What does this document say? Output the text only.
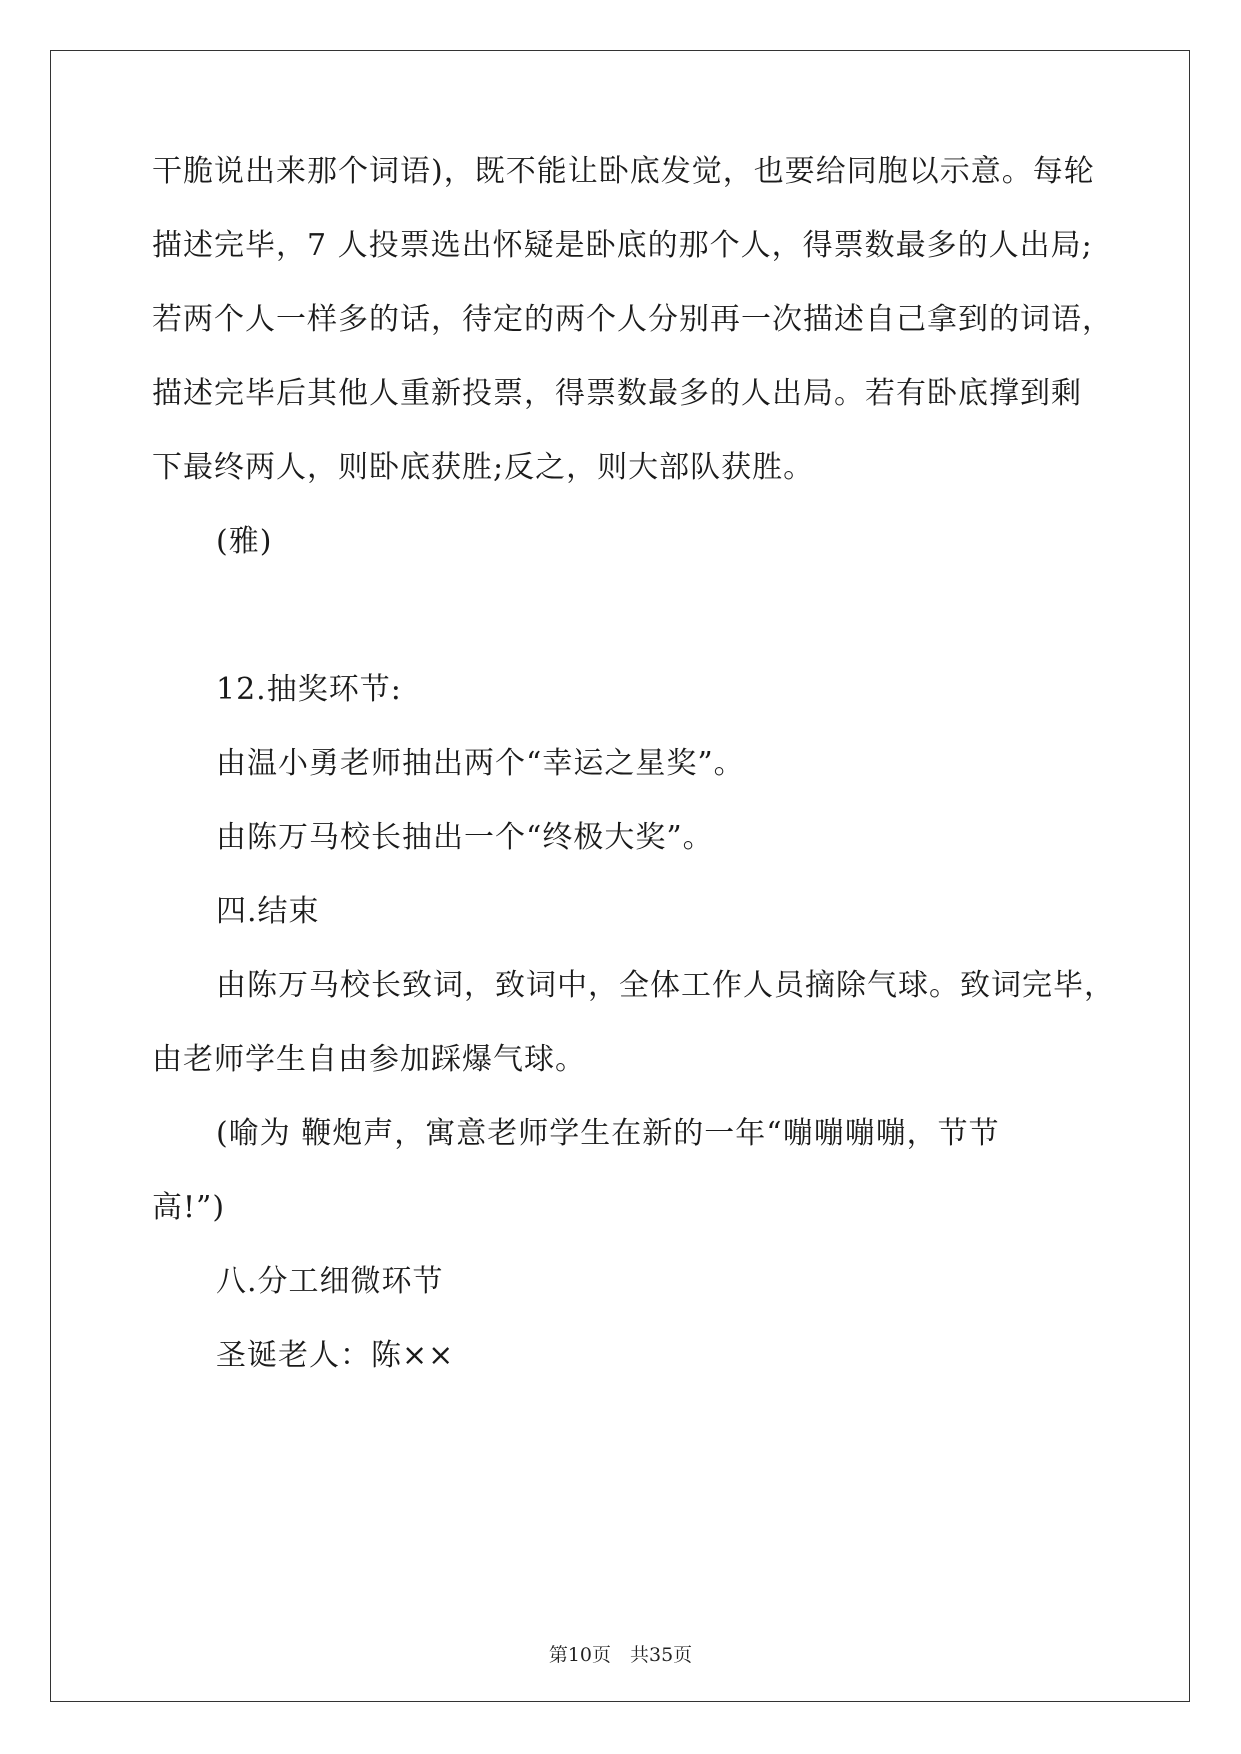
干脆说出来那个词语)，既不能让卧底发觉，也要给同胞以示意。每轮
描述完毕，7 人投票选出怀疑是卧底的那个人，得票数最多的人出局;
若两个人一样多的话，待定的两个人分别再一次描述自己拿到的词语，
描述完毕后其他人重新投票，得票数最多的人出局。若有卧底撑到剩
下最终两人，则卧底获胜;反之，则大部队获胜。
(雅)
12.抽奖环节:
由温小勇老师抽出两个“幸运之星奖”。
由陈万马校长抽出一个“终极大奖”。
四.结束
由陈万马校长致词，致词中，全体工作人员摘除气球。致词完毕，
由老师学生自由参加踩爆气球。
(喻为 鞭炮声，寓意老师学生在新的一年“嘣嘣嘣嘣，节节
高!”)
八.分工细微环节
圣诞老人：陈××
第10页　共35页
